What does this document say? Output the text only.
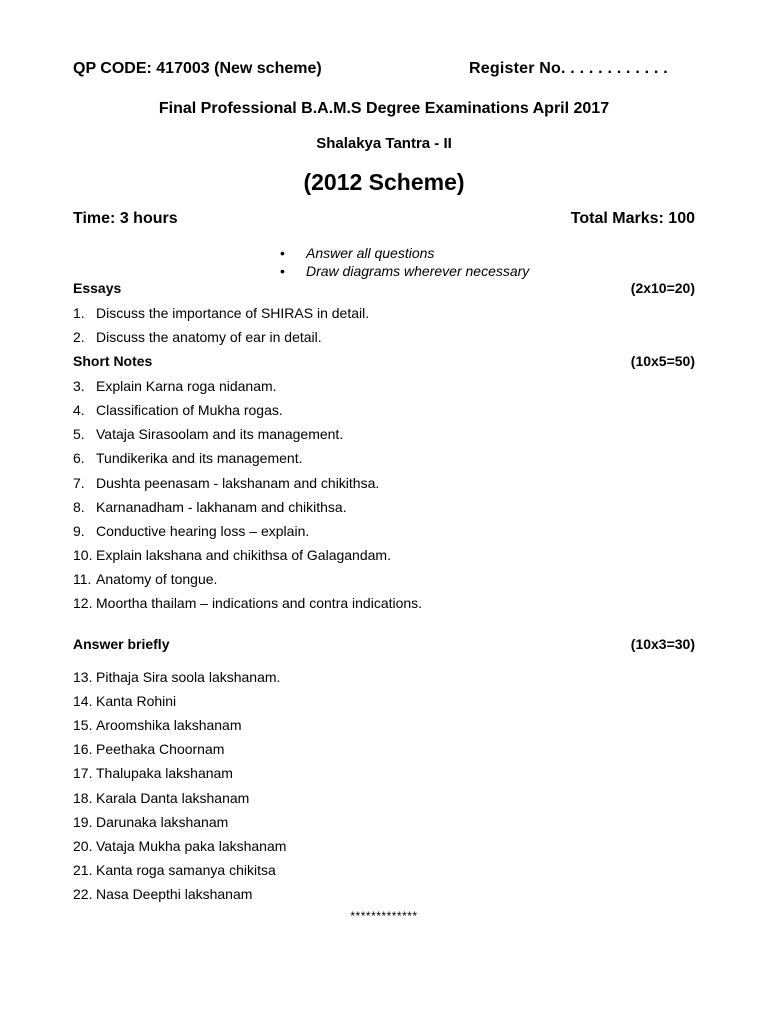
QP CODE: 417003 (New scheme)	Register No. . . . . . . . . . . .
Final Professional B.A.M.S Degree Examinations April 2017
Shalakya Tantra - II
(2012 Scheme)
Time: 3 hours	Total Marks: 100
• Answer all questions
• Draw diagrams wherever necessary
Essays	(2x10=20)
1. Discuss the importance of SHIRAS in detail.
2. Discuss the anatomy of ear in detail.
Short Notes	(10x5=50)
3. Explain Karna roga nidanam.
4. Classification of Mukha rogas.
5. Vataja Sirasoolam and its management.
6. Tundikerika and its management.
7. Dushta peenasam - lakshanam and chikithsa.
8. Karnanadham - lakhanam and chikithsa.
9. Conductive hearing loss – explain.
10. Explain lakshana and chikithsa of Galagandam.
11. Anatomy of tongue.
12. Moortha thailam – indications and contra indications.
Answer briefly	(10x3=30)
13. Pithaja Sira soola lakshanam.
14. Kanta Rohini
15. Aroomshika lakshanam
16. Peethaka Choornam
17. Thalupaka lakshanam
18. Karala Danta lakshanam
19. Darunaka lakshanam
20. Vataja Mukha paka lakshanam
21. Kanta roga samanya chikitsa
22. Nasa Deepthi lakshanam
*************
